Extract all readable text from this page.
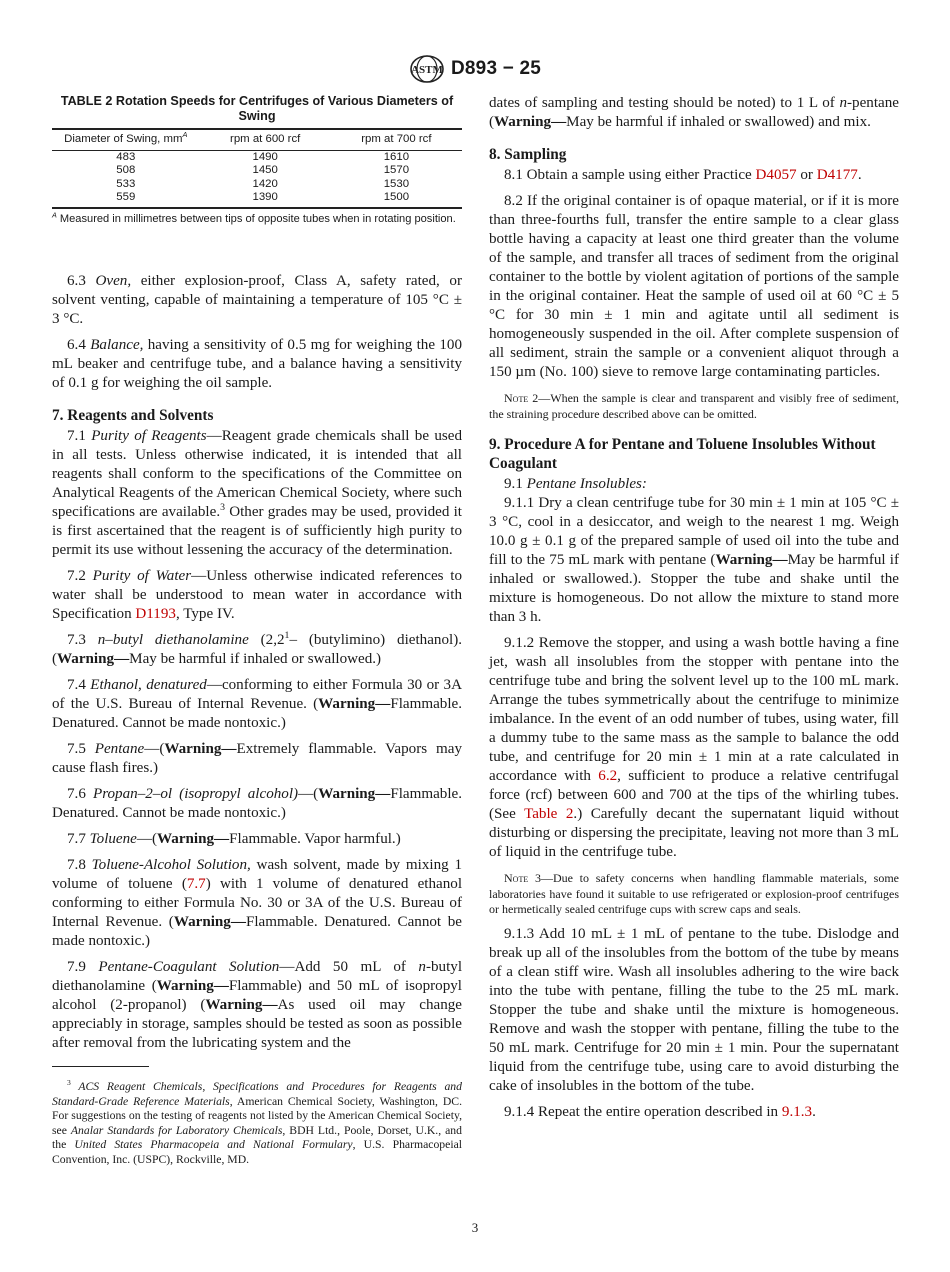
ASTM D893 − 25
TABLE 2 Rotation Speeds for Centrifuges of Various Diameters of Swing
Diameter of Swing, $mm^A$	rpm at 600 rcf	rpm at 700 rcf
483	1490	1610
508	1450	1570
533	1420	1530
559	1390	1500
$^A$ Measured in millimetres between tips of opposite tubes when in rotating position.

6.3 Oven, either explosion-proof, Class A, safety rated, or solvent venting, capable of maintaining a temperature of 105 °C ± 3 °C.

6.4 Balance, having a sensitivity of 0.5 mg for weighing the 100 mL beaker and centrifuge tube, and a balance having a sensitivity of 0.1 g for weighing the oil sample.

7. Reagents and Solvents

7.1 Purity of Reagents—Reagent grade chemicals shall be used in all tests. Unless otherwise indicated, it is intended that all reagents shall conform to the specifications of the Committee on Analytical Reagents of the American Chemical Society, where such specifications are available.$^3$ Other grades may be used, provided it is first ascertained that the reagent is of sufficiently high purity to permit its use without lessening the accuracy of the determination.

7.2 Purity of Water—Unless otherwise indicated references to water shall be understood to mean water in accordance with Specification D1193, Type IV.

7.3 n–butyl diethanolamine ($2,2^1-$ (butylimino) diethanol). (Warning—May be harmful if inhaled or swallowed.)

7.4 Ethanol, denatured—conforming to either Formula 30 or 3A of the U.S. Bureau of Internal Revenue. (Warning—Flammable. Denatured. Cannot be made nontoxic.)

7.5 Pentane—(Warning—Extremely flammable. Vapors may cause flash fires.)

7.6 Propan–2–ol (isopropyl alcohol)—(Warning—Flammable. Denatured. Cannot be made nontoxic.)

7.7 Toluene—(Warning—Flammable. Vapor harmful.)

7.8 Toluene-Alcohol Solution, wash solvent, made by mixing 1 volume of toluene (7.7) with 1 volume of denatured ethanol conforming to either Formula No. 30 or 3A of the U.S. Bureau of Internal Revenue. (Warning—Flammable. Denatured. Cannot be made nontoxic.)

7.9 Pentane-Coagulant Solution—Add 50 mL of n-butyl diethanolamine (Warning—Flammable) and 50 mL of isopropyl alcohol (2-propanol) (Warning—As used oil may change appreciably in storage, samples should be tested as soon as possible after removal from the lubricating system and the

$^3$ ACS Reagent Chemicals, Specifications and Procedures for Reagents and Standard-Grade Reference Materials, American Chemical Society, Washington, DC. For suggestions on the testing of reagents not listed by the American Chemical Society, see Analar Standards for Laboratory Chemicals, BDH Ltd., Poole, Dorset, U.K., and the United States Pharmacopeia and National Formulary, U.S. Pharmacopeial Convention, Inc. (USPC), Rockville, MD.

dates of sampling and testing should be noted) to 1 L of n-pentane (Warning—May be harmful if inhaled or swallowed) and mix.

8. Sampling

8.1 Obtain a sample using either Practice D4057 or D4177.

8.2 If the original container is of opaque material, or if it is more than three-fourths full, transfer the entire sample to a clear glass bottle having a capacity at least one third greater than the volume of the sample, and transfer all traces of sediment from the original container to the bottle by violent agitation of portions of the sample in the original container. Heat the sample of used oil at 60 °C ± 5 °C for 30 min ± 1 min and agitate until all sediment is homogeneously suspended in the oil. After complete suspension of all sediment, strain the sample or a convenient aliquot through a 150 µm (No. 100) sieve to remove large contaminating particles.

Note 2—When the sample is clear and transparent and visibly free of sediment, the straining procedure described above can be omitted.

9. Procedure A for Pentane and Toluene Insolubles Without Coagulant

9.1 Pentane Insolubles:

9.1.1 Dry a clean centrifuge tube for 30 min ± 1 min at 105 °C ± 3 °C, cool in a desiccator, and weigh to the nearest 1 mg. Weigh 10.0 g ± 0.1 g of the prepared sample of used oil into the tube and fill to the 75 mL mark with pentane (Warning—May be harmful if inhaled or swallowed.). Stopper the tube and shake until the mixture is homogeneous. Do not allow the mixture to stand more than 3 h.

9.1.2 Remove the stopper, and using a wash bottle having a fine jet, wash all insolubles from the stopper with pentane into the centrifuge tube and bring the solvent level up to the 100 mL mark. Arrange the tubes symmetrically about the centrifuge to minimize imbalance. In the event of an odd number of tubes, using water, fill a dummy tube to the same mass as the sample to balance the odd tube, and centrifuge for 20 min ± 1 min at a rate calculated in accordance with 6.2, sufficient to produce a relative centrifugal force (rcf) between 600 and 700 at the tips of the whirling tubes. (See Table 2.) Carefully decant the supernatant liquid without disturbing or dispersing the precipitate, leaving not more than 3 mL of liquid in the centrifuge tube.

Note 3—Due to safety concerns when handling flammable materials, some laboratories have found it suitable to use refrigerated or explosion-proof centrifuges or hermetically sealed centrifuge cups with screw caps and seals.

9.1.3 Add 10 mL ± 1 mL of pentane to the tube. Dislodge and break up all of the insolubles from the bottom of the tube by means of a clean stiff wire. Wash all insolubles adhering to the wire back into the tube with pentane, filling the tube to the 25 mL mark. Stopper the tube and shake until the mixture is homogeneous. Remove and wash the stopper with pentane, filling the tube to the 50 mL mark. Centrifuge for 20 min ± 1 min. Pour the supernatant liquid from the centrifuge tube, using care to avoid disturbing the cake of insolubles in the bottom of the tube.

9.1.4 Repeat the entire operation described in 9.1.3.

3
